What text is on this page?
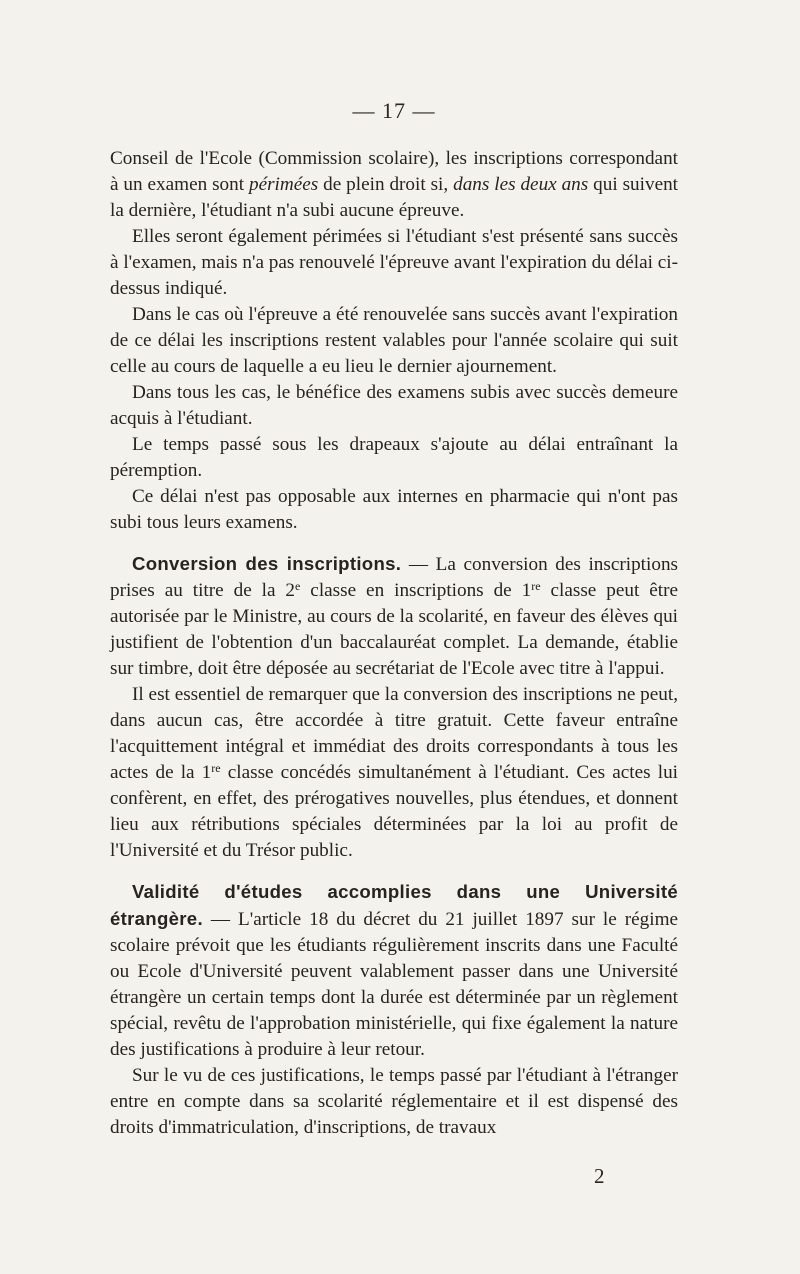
— 17 —

Conseil de l'Ecole (Commission scolaire), les inscriptions correspondant à un examen sont périmées de plein droit si, dans les deux ans qui suivent la dernière, l'étudiant n'a subi aucune épreuve.

Elles seront également périmées si l'étudiant s'est présenté sans succès à l'examen, mais n'a pas renouvelé l'épreuve avant l'expiration du délai ci-dessus indiqué.

Dans le cas où l'épreuve a été renouvelée sans succès avant l'expiration de ce délai les inscriptions restent valables pour l'année scolaire qui suit celle au cours de laquelle a eu lieu le dernier ajournement.

Dans tous les cas, le bénéfice des examens subis avec succès demeure acquis à l'étudiant.

Le temps passé sous les drapeaux s'ajoute au délai entraînant la péremption.

Ce délai n'est pas opposable aux internes en pharmacie qui n'ont pas subi tous leurs examens.

Conversion des inscriptions. — La conversion des inscriptions prises au titre de la 2e classe en inscriptions de 1re classe peut être autorisée par le Ministre, au cours de la scolarité, en faveur des élèves qui justifient de l'obtention d'un baccalauréat complet. La demande, établie sur timbre, doit être déposée au secrétariat de l'Ecole avec titre à l'appui.

Il est essentiel de remarquer que la conversion des inscriptions ne peut, dans aucun cas, être accordée à titre gratuit. Cette faveur entraîne l'acquittement intégral et immédiat des droits correspondants à tous les actes de la 1re classe concédés simultanément à l'étudiant. Ces actes lui confèrent, en effet, des prérogatives nouvelles, plus étendues, et donnent lieu aux rétributions spéciales déterminées par la loi au profit de l'Université et du Trésor public.

Validité d'études accomplies dans une Université étrangère. — L'article 18 du décret du 21 juillet 1897 sur le régime scolaire prévoit que les étudiants régulièrement inscrits dans une Faculté ou Ecole d'Université peuvent valablement passer dans une Université étrangère un certain temps dont la durée est déterminée par un règlement spécial, revêtu de l'approbation ministérielle, qui fixe également la nature des justifications à produire à leur retour.

Sur le vu de ces justifications, le temps passé par l'étudiant à l'étranger entre en compte dans sa scolarité réglementaire et il est dispensé des droits d'immatriculation, d'inscriptions, de travaux

2
